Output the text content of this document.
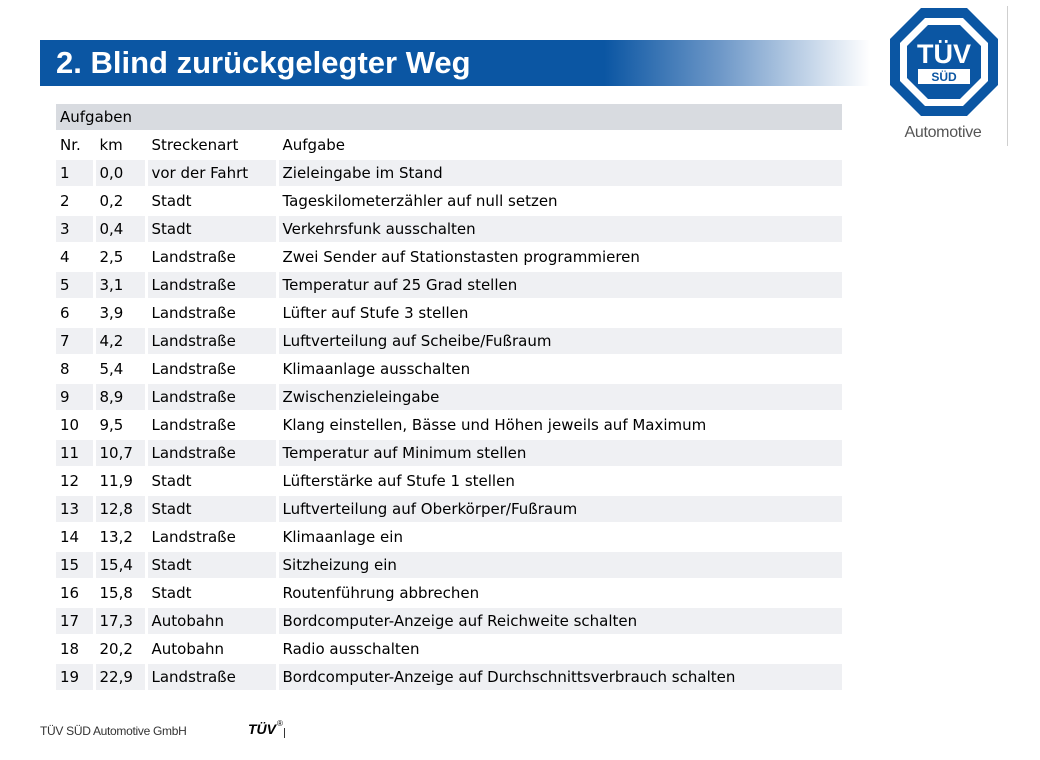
2. Blind zurückgelegter Weg	TÜV
SÜD
Automotive
Aufgaben			
Nr.	km	Streckenart	Aufgabe
1	0,0	vor der Fahrt	Zieleingabe im Stand
2	0,2	Stadt	Tageskilometerzähler auf null setzen
3	0,4	Stadt	Verkehrsfunk ausschalten
4	2,5	Landstraße	Zwei Sender auf Stationstasten programmieren
5	3,1	Landstraße	Temperatur auf 25 Grad stellen
6	3,9	Landstraße	Lüfter auf Stufe 3 stellen
7	4,2	Landstraße	Luftverteilung auf Scheibe/Fußraum
8	5,4	Landstraße	Klimaanlage ausschalten
9	8,9	Landstraße	Zwischenzieleingabe
10	9,5	Landstraße	Klang einstellen, Bässe und Höhen jeweils auf Maximum
11	10,7	Landstraße	Temperatur auf Minimum stellen
12	11,9	Stadt	Lüfterstärke auf Stufe 1 stellen
13	12,8	Stadt	Luftverteilung auf Oberkörper/Fußraum
14	13,2	Landstraße	Klimaanlage ein
15	15,4	Stadt	Sitzheizung ein
16	15,8	Stadt	Routenführung abbrechen
17	17,3	Autobahn	Bordcomputer-Anzeige auf Reichweite schalten
18	20,2	Autobahn	Radio ausschalten
19	22,9	Landstraße	Bordcomputer-Anzeige auf Durchschnittsverbrauch schalten
TÜV SÜD Automotive GmbH	TÜV ®
